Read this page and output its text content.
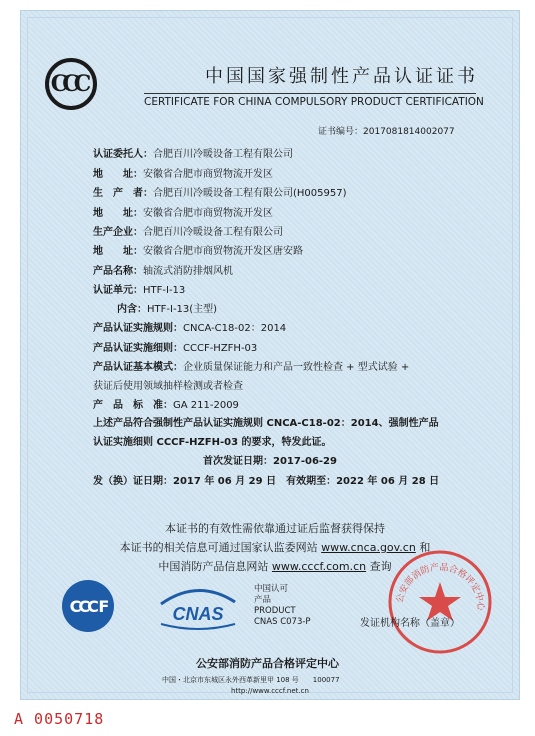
CCC	中国国家强制性产品认证证书
CERTIFICATE FOR CHINA COMPULSORY PRODUCT CERTIFICATION
证书编号：2017081814002077
认证委托人：合肥百川冷暖设备工程有限公司
地　　址：安徽省合肥市商贸物流开发区
生　产　者：合肥百川冷暖设备工程有限公司(H005957)
地　　址：安徽省合肥市商贸物流开发区
生产企业：合肥百川冷暖设备工程有限公司
地　　址：安徽省合肥市商贸物流开发区唐安路
产品名称：轴流式消防排烟风机
认证单元：HTF-I-13
内含：HTF-I-13(主型)
产品认证实施规则：CNCA-C18-02：2014
产品认证实施细则：CCCF-HZFH-03
产品认证基本模式：企业质量保证能力和产品一致性检查 + 型式试验 +
获证后使用领域抽样检测或者检查
产　品　标　准：GA 211-2009
上述产品符合强制性产品认证实施规则 CNCA-C18-02：2014、强制性产品
认证实施细则 CCCF-HZFH-03 的要求，特发此证。
首次发证日期：2017-06-29
发（换）证日期：2017 年 06 月 29 日　有效期至：2022 年 06 月 28 日
本证书的有效性需依靠通过证后监督获得保持
本证书的相关信息可通过国家认监委网站 www.cnca.gov.cn 和
中国消防产品信息网站 www.cccf.com.cn 查询
CCC F	CNAS
中国认可
产品
PRODUCT
CNAS C073-P
公安部消防产品合格评定中心
发证机构名称（盖章）
公安部消防产品合格评定中心
中国・北京市东城区永外西革新里甲 108 号　　100077
http://www.cccf.net.cn
A 0050718
